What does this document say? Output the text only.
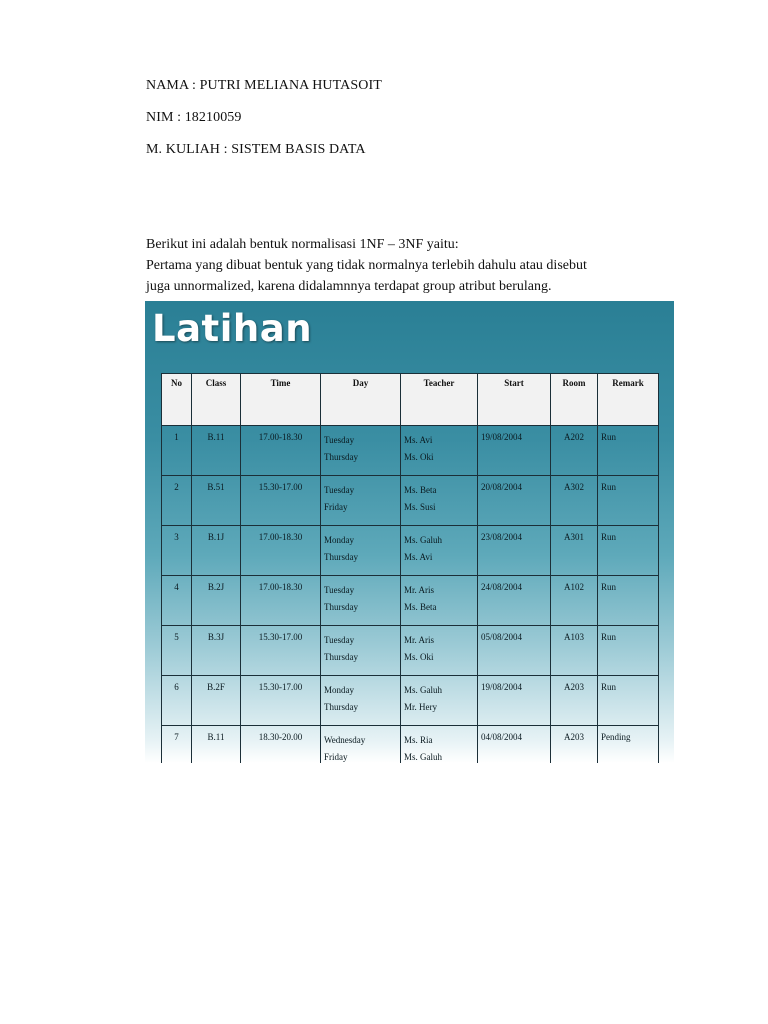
NAMA : PUTRI MELIANA HUTASOIT
NIM : 18210059
M. KULIAH : SISTEM BASIS DATA
Berikut ini adalah bentuk normalisasi 1NF – 3NF yaitu:
Pertama yang dibuat bentuk yang tidak normalnya terlebih dahulu atau disebut
juga unnormalized, karena didalamnnya terdapat group atribut berulang.
Latihan
No	Class	Time	Day	Teacher	Start	Room	Remark
1	B.11	17.00-18.30	Tuesday
Thursday	Ms. Avi
Ms. Oki	19/08/2004	A202	Run
2	B.51	15.30-17.00	Tuesday
Friday	Ms. Beta
Ms. Susi	20/08/2004	A302	Run
3	B.1J	17.00-18.30	Monday
Thursday	Ms. Galuh
Ms. Avi	23/08/2004	A301	Run
4	B.2J	17.00-18.30	Tuesday
Thursday	Mr. Aris
Ms. Beta	24/08/2004	A102	Run
5	B.3J	15.30-17.00	Tuesday
Thursday	Mr. Aris
Ms. Oki	05/08/2004	A103	Run
6	B.2F	15.30-17.00	Monday
Thursday	Ms. Galuh
Mr. Hery	19/08/2004	A203	Run
7	B.11	18.30-20.00	Wednesday
Friday	Ms. Ria
Ms. Galuh	04/08/2004	A203	Pending
